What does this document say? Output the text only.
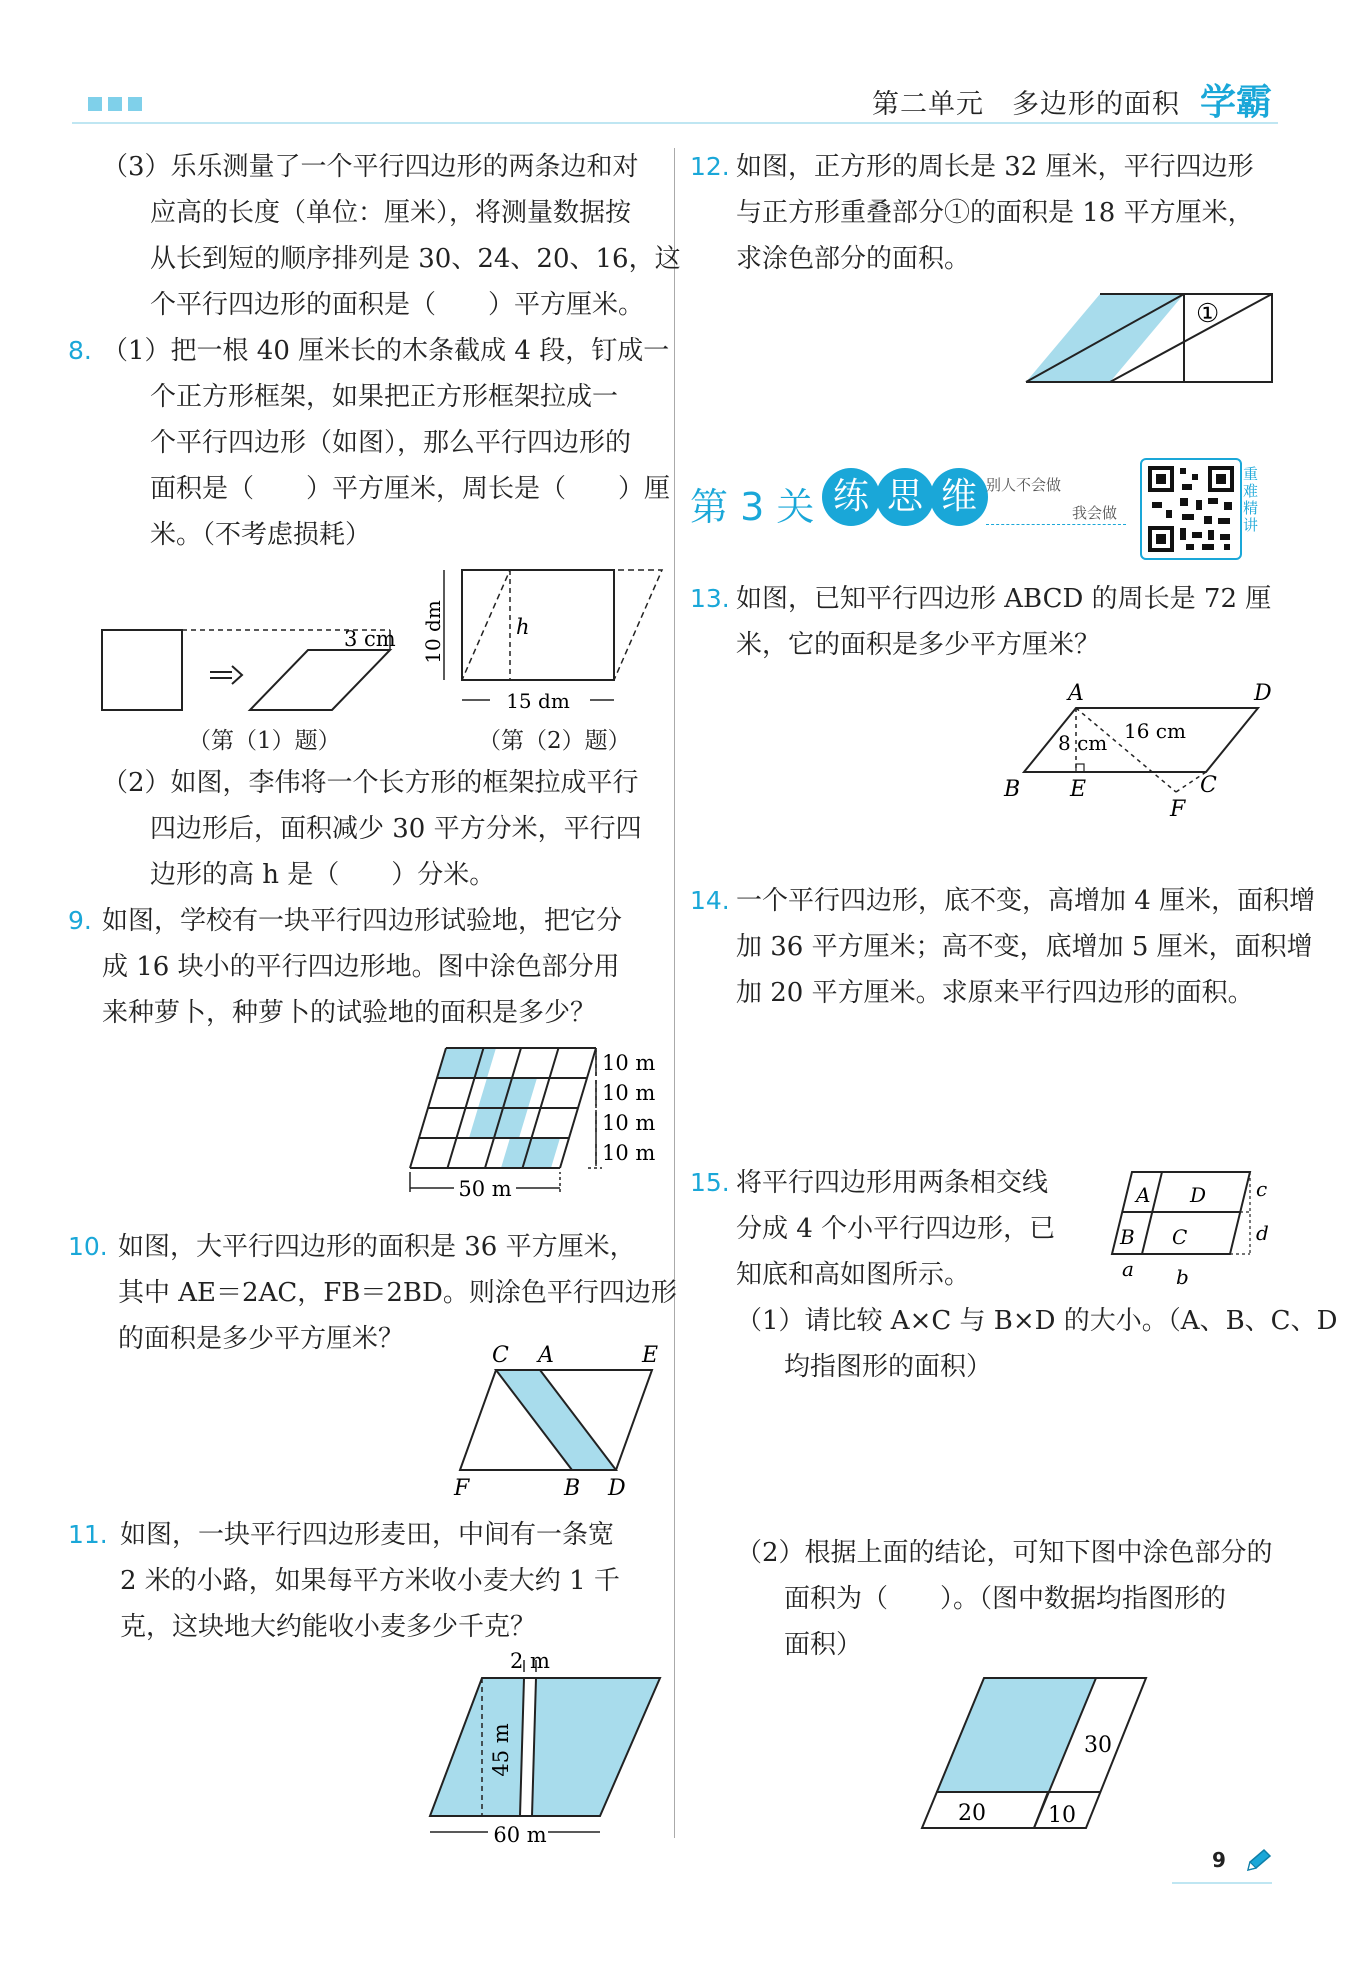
第二单元　多边形的面积 学霸
（3）乐乐测量了一个平行四边形的两条边和对
应高的长度（单位：厘米），将测量数据按
从长到短的顺序排列是 30、24、20、16，这
个平行四边形的面积是（　　）平方厘米。
8. （1）把一根 40 厘米长的木条截成 4 段，钉成一
个正方形框架，如果把正方形框架拉成一
个平行四边形（如图），那么平行四边形的
面积是（　　）平方厘米，周长是（　　）厘
米。（不考虑损耗）
3 cm	h
10 dm
15 dm
（第（1）题）	（第（2）题）
（2）如图，李伟将一个长方形的框架拉成平行
四边形后，面积减少 30 平方分米，平行四
边形的高 h 是（　　）分米。
9. 如图，学校有一块平行四边形试验地，把它分
成 16 块小的平行四边形地。图中涂色部分用
来种萝卜，种萝卜的试验地的面积是多少？
10 m
10 m
10 m
10 m
50 m
10. 如图，大平行四边形的面积是 36 平方厘米，
其中 AE＝2AC，FB＝2BD。则涂色平行四边形
的面积是多少平方厘米？
C A	E
F	B D
11. 如图，一块平行四边形麦田，中间有一条宽
2 米的小路，如果每平方米收小麦大约 1 千
克，这块地大约能收小麦多少千克？
2 m
45 m
60 m
12. 如图，正方形的周长是 32 厘米，平行四边形
与正方形重叠部分①的面积是 18 平方厘米，
求涂色部分的面积。
①
第 3 关 练 思 维 别人不会做
我会做
重难精讲
13. 如图，已知平行四边形 ABCD 的周长是 72 厘
米，它的面积是多少平方厘米？
A	D
B E	C
F
8 cm 16 cm
14. 一个平行四边形，底不变，高增加 4 厘米，面积增
加 36 平方厘米；高不变，底增加 5 厘米，面积增
加 20 平方厘米。求原来平行四边形的面积。
15. 将平行四边形用两条相交线
分成 4 个小平行四边形，已
知底和高如图所示。
A D
B C
c
d
a b
（1）请比较 A×C 与 B×D 的大小。（A、B、C、D
均指图形的面积）
（2）根据上面的结论，可知下图中涂色部分的
面积为（　　）。（图中数据均指图形的
面积）
30
20	10
9
